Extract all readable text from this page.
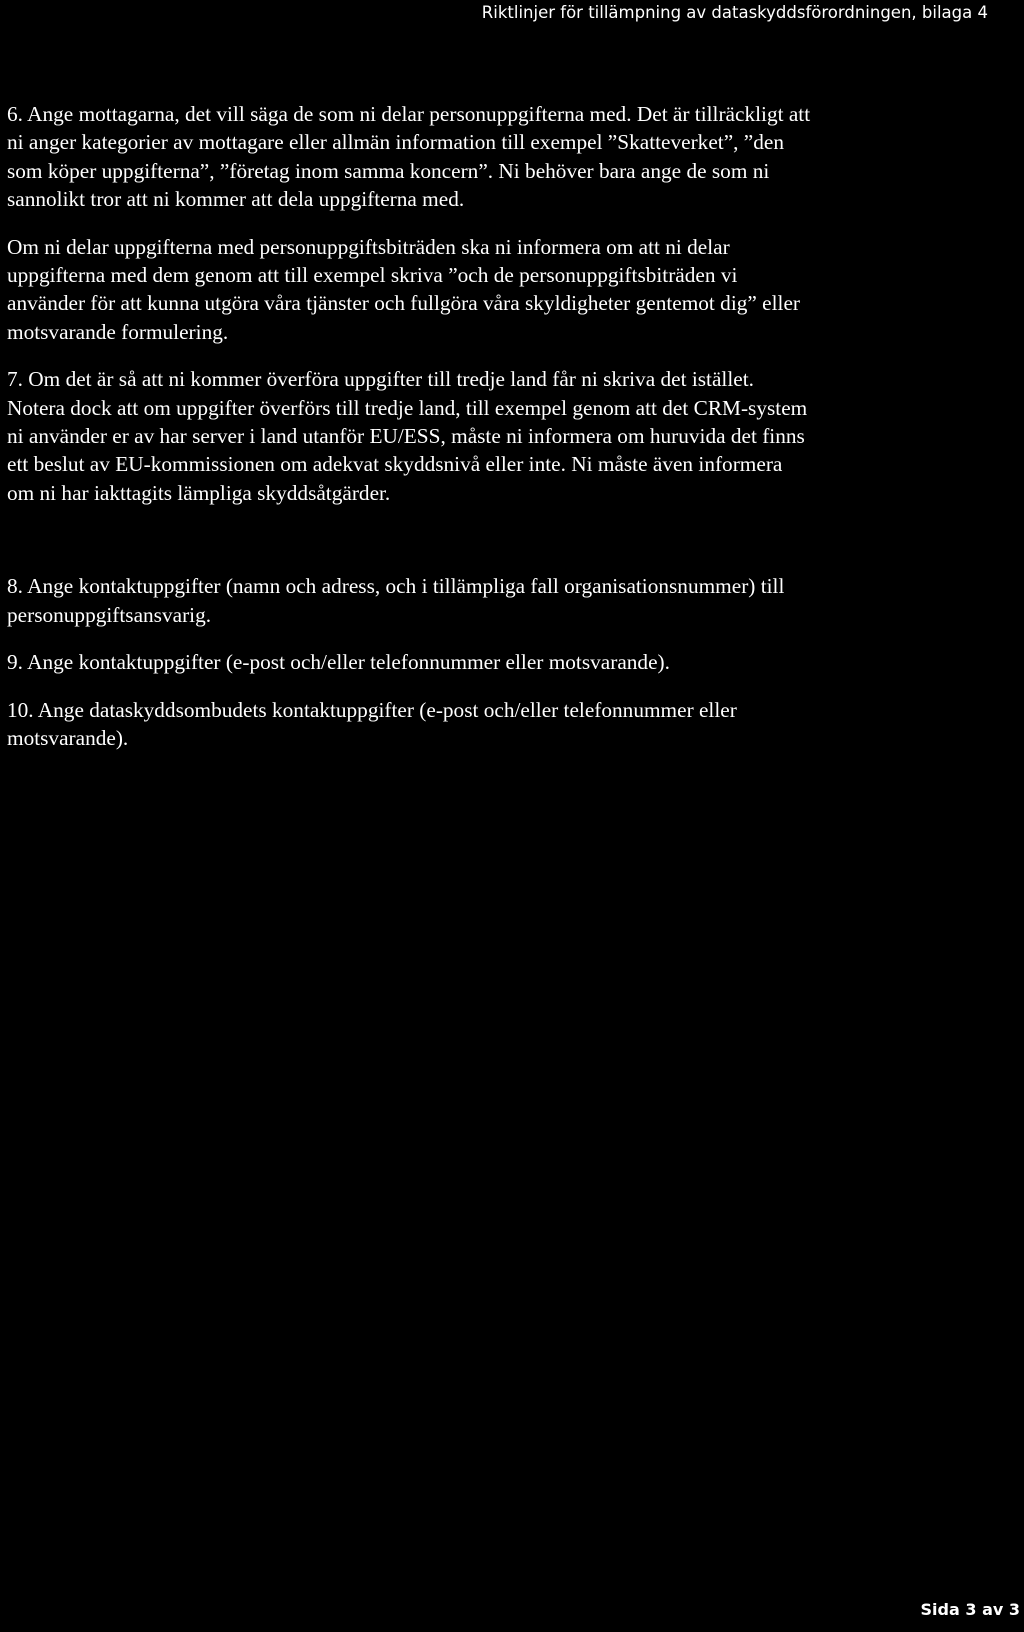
Riktlinjer för tillämpning av dataskyddsförordningen, bilaga 4

6. Ange mottagarna, det vill säga de som ni delar personuppgifterna med. Det är tillräckligt att
ni anger kategorier av mottagare eller allmän information till exempel ”Skatteverket”, ”den
som köper uppgifterna”, ”företag inom samma koncern”. Ni behöver bara ange de som ni
sannolikt tror att ni kommer att dela uppgifterna med.

Om ni delar uppgifterna med personuppgiftsbiträden ska ni informera om att ni delar
uppgifterna med dem genom att till exempel skriva ”och de personuppgiftsbiträden vi
använder för att kunna utgöra våra tjänster och fullgöra våra skyldigheter gentemot dig” eller
motsvarande formulering.

7. Om det är så att ni kommer överföra uppgifter till tredje land får ni skriva det istället.
Notera dock att om uppgifter överförs till tredje land, till exempel genom att det CRM-system
ni använder er av har server i land utanför EU/ESS, måste ni informera om huruvida det finns
ett beslut av EU-kommissionen om adekvat skyddsnivå eller inte. Ni måste även informera
om ni har iakttagits lämpliga skyddsåtgärder.

8. Ange kontaktuppgifter (namn och adress, och i tillämpliga fall organisationsnummer) till
personuppgiftsansvarig.

9. Ange kontaktuppgifter (e-post och/eller telefonnummer eller motsvarande).

10. Ange dataskyddsombudets kontaktuppgifter (e-post och/eller telefonnummer eller
motsvarande).

Sida 3 av 3
